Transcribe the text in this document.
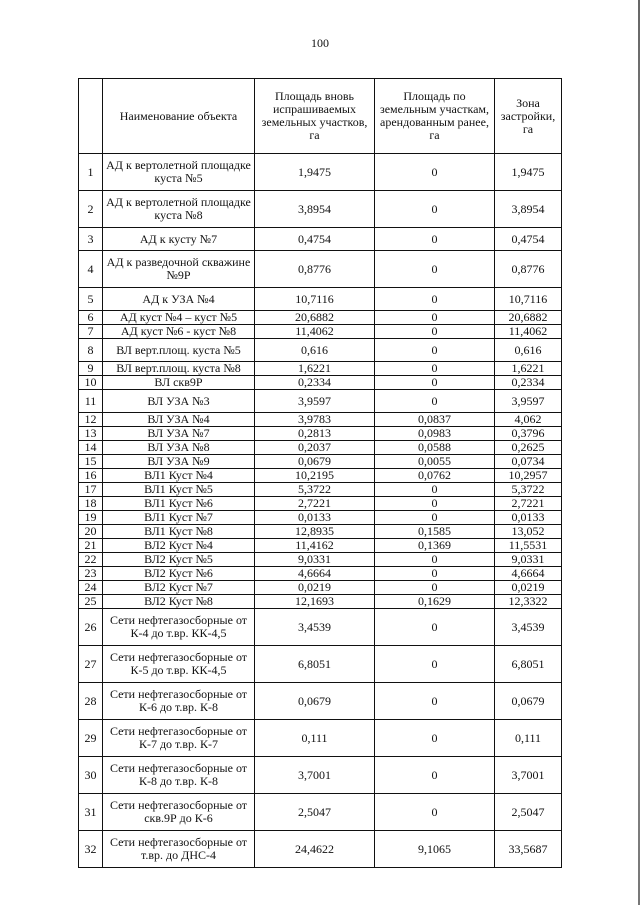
100
	Наименование объекта	Площадь вновь испрашиваемых земельных участков, га	Площадь по земельным участкам, арендованным ранее, га	Зона застройки, га
1	АД к вертолетной площадке куста №5	1,9475	0	1,9475
2	АД к вертолетной площадке куста №8	3,8954	0	3,8954
3	АД к кусту №7	0,4754	0	0,4754
4	АД к разведочной скважине №9Р	0,8776	0	0,8776
5	АД к УЗА №4	10,7116	0	10,7116
6	АД куст №4 – куст №5	20,6882	0	20,6882
7	АД куст №6 - куст №8	11,4062	0	11,4062
8	ВЛ верт.площ. куста №5	0,616	0	0,616
9	ВЛ верт.площ. куста №8	1,6221	0	1,6221
10	ВЛ скв9Р	0,2334	0	0,2334
11	ВЛ УЗА №3	3,9597	0	3,9597
12	ВЛ УЗА №4	3,9783	0,0837	4,062
13	ВЛ УЗА №7	0,2813	0,0983	0,3796
14	ВЛ УЗА №8	0,2037	0,0588	0,2625
15	ВЛ УЗА №9	0,0679	0,0055	0,0734
16	ВЛ1 Куст №4	10,2195	0,0762	10,2957
17	ВЛ1 Куст №5	5,3722	0	5,3722
18	ВЛ1 Куст №6	2,7221	0	2,7221
19	ВЛ1 Куст №7	0,0133	0	0,0133
20	ВЛ1 Куст №8	12,8935	0,1585	13,052
21	ВЛ2 Куст №4	11,4162	0,1369	11,5531
22	ВЛ2 Куст №5	9,0331	0	9,0331
23	ВЛ2 Куст №6	4,6664	0	4,6664
24	ВЛ2 Куст №7	0,0219	0	0,0219
25	ВЛ2 Куст №8	12,1693	0,1629	12,3322
26	Сети нефтегазосборные от К-4 до т.вр. КК-4,5	3,4539	0	3,4539
27	Сети нефтегазосборные от К-5 до т.вр. КК-4,5	6,8051	0	6,8051
28	Сети нефтегазосборные от К-6 до т.вр. К-8	0,0679	0	0,0679
29	Сети нефтегазосборные от К-7 до т.вр. К-7	0,111	0	0,111
30	Сети нефтегазосборные от К-8 до т.вр. К-8	3,7001	0	3,7001
31	Сети нефтегазосборные от скв.9Р до К-6	2,5047	0	2,5047
32	Сети нефтегазосборные от т.вр. до ДНС-4	24,4622	9,1065	33,5687
